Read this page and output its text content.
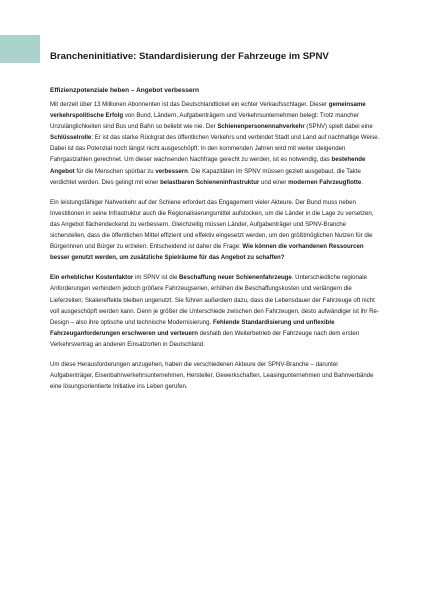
Brancheninitiative: Standardisierung der Fahrzeuge im SPNV
Effizienzpotenziale heben – Angebot verbessern

Mit derzeit über 13 Millionen Abonnenten ist das Deutschlandticket ein echter Verkaufsschlager. Dieser gemeinsame verkehrspolitische Erfolg von Bund, Ländern, Aufgabenträgern und Verkehrsunternehmen belegt: Trotz mancher Unzulänglichkeiten sind Bus und Bahn so beliebt wie nie. Der Schienenpersonennahverkehr (SPNV) spielt dabei eine Schlüsselrolle: Er ist das starke Rückgrat des öffentlichen Verkehrs und verbindet Stadt und Land auf nachhaltige Weise. Dabei ist das Potenzial noch längst nicht ausgeschöpft: In den kommenden Jahren wird mit weiter steigenden Fahrgastzahlen gerechnet. Um dieser wachsenden Nachfrage gerecht zu werden, ist es notwendig, das bestehende Angebot für die Menschen spürbar zu verbessern. Die Kapazitäten im SPNV müssen gezielt ausgebaut, die Takte verdichtet werden. Dies gelingt mit einer belastbaren Schieneninfrastruktur und einer modernen Fahrzeugflotte.

Ein leistungsfähiger Nahverkehr auf der Schiene erfordert das Engagement vieler Akteure. Der Bund muss neben Investitionen in seine Infrastruktur auch die Regionalisierungsmittel aufstocken, um die Länder in die Lage zu versetzen, das Angebot flächendeckend zu verbessern. Gleichzeitig müssen Länder, Aufgabenträger und SPNV-Branche sicherstellen, dass die öffentlichen Mittel effizient und effektiv eingesetzt werden, um den größtmöglichen Nutzen für die Bürgerinnen und Bürger zu erzielen. Entscheidend ist daher die Frage: Wie können die vorhandenen Ressourcen besser genutzt werden, um zusätzliche Spielräume für das Angebot zu schaffen?

Ein erheblicher Kostenfaktor im SPNV ist die Beschaffung neuer Schienenfahrzeuge. Unterschiedliche regionale Anforderungen verhindern jedoch größere Fahrzeugserien, erhöhen die Beschaffungskosten und verlängern die Lieferzeiten; Skaleneffekte bleiben ungenutzt. Sie führen außerdem dazu, dass die Lebensdauer der Fahrzeuge oft nicht voll ausgeschöpft werden kann. Denn je größer die Unterschiede zwischen den Fahrzeugen, desto aufwändiger ist ihr Re-Design – also ihre optische und technische Modernisierung. Fehlende Standardisierung und unflexible Fahrzeuganforderungen erschweren und verteuern deshalb den Weiterbetrieb der Fahrzeuge nach dem ersten Verkehrsvertrag an anderen Einsatzorten in Deutschland.

Um diese Herausforderungen anzugehen, haben die verschiedenen Akteure der SPNV-Branche – darunter Aufgabenträger, Eisenbahnverkehrsunternehmen, Hersteller, Gewerkschaften, Leasingunternehmen und Bahnverbände eine lösungsorientierte Initiative ins Leben gerufen.
